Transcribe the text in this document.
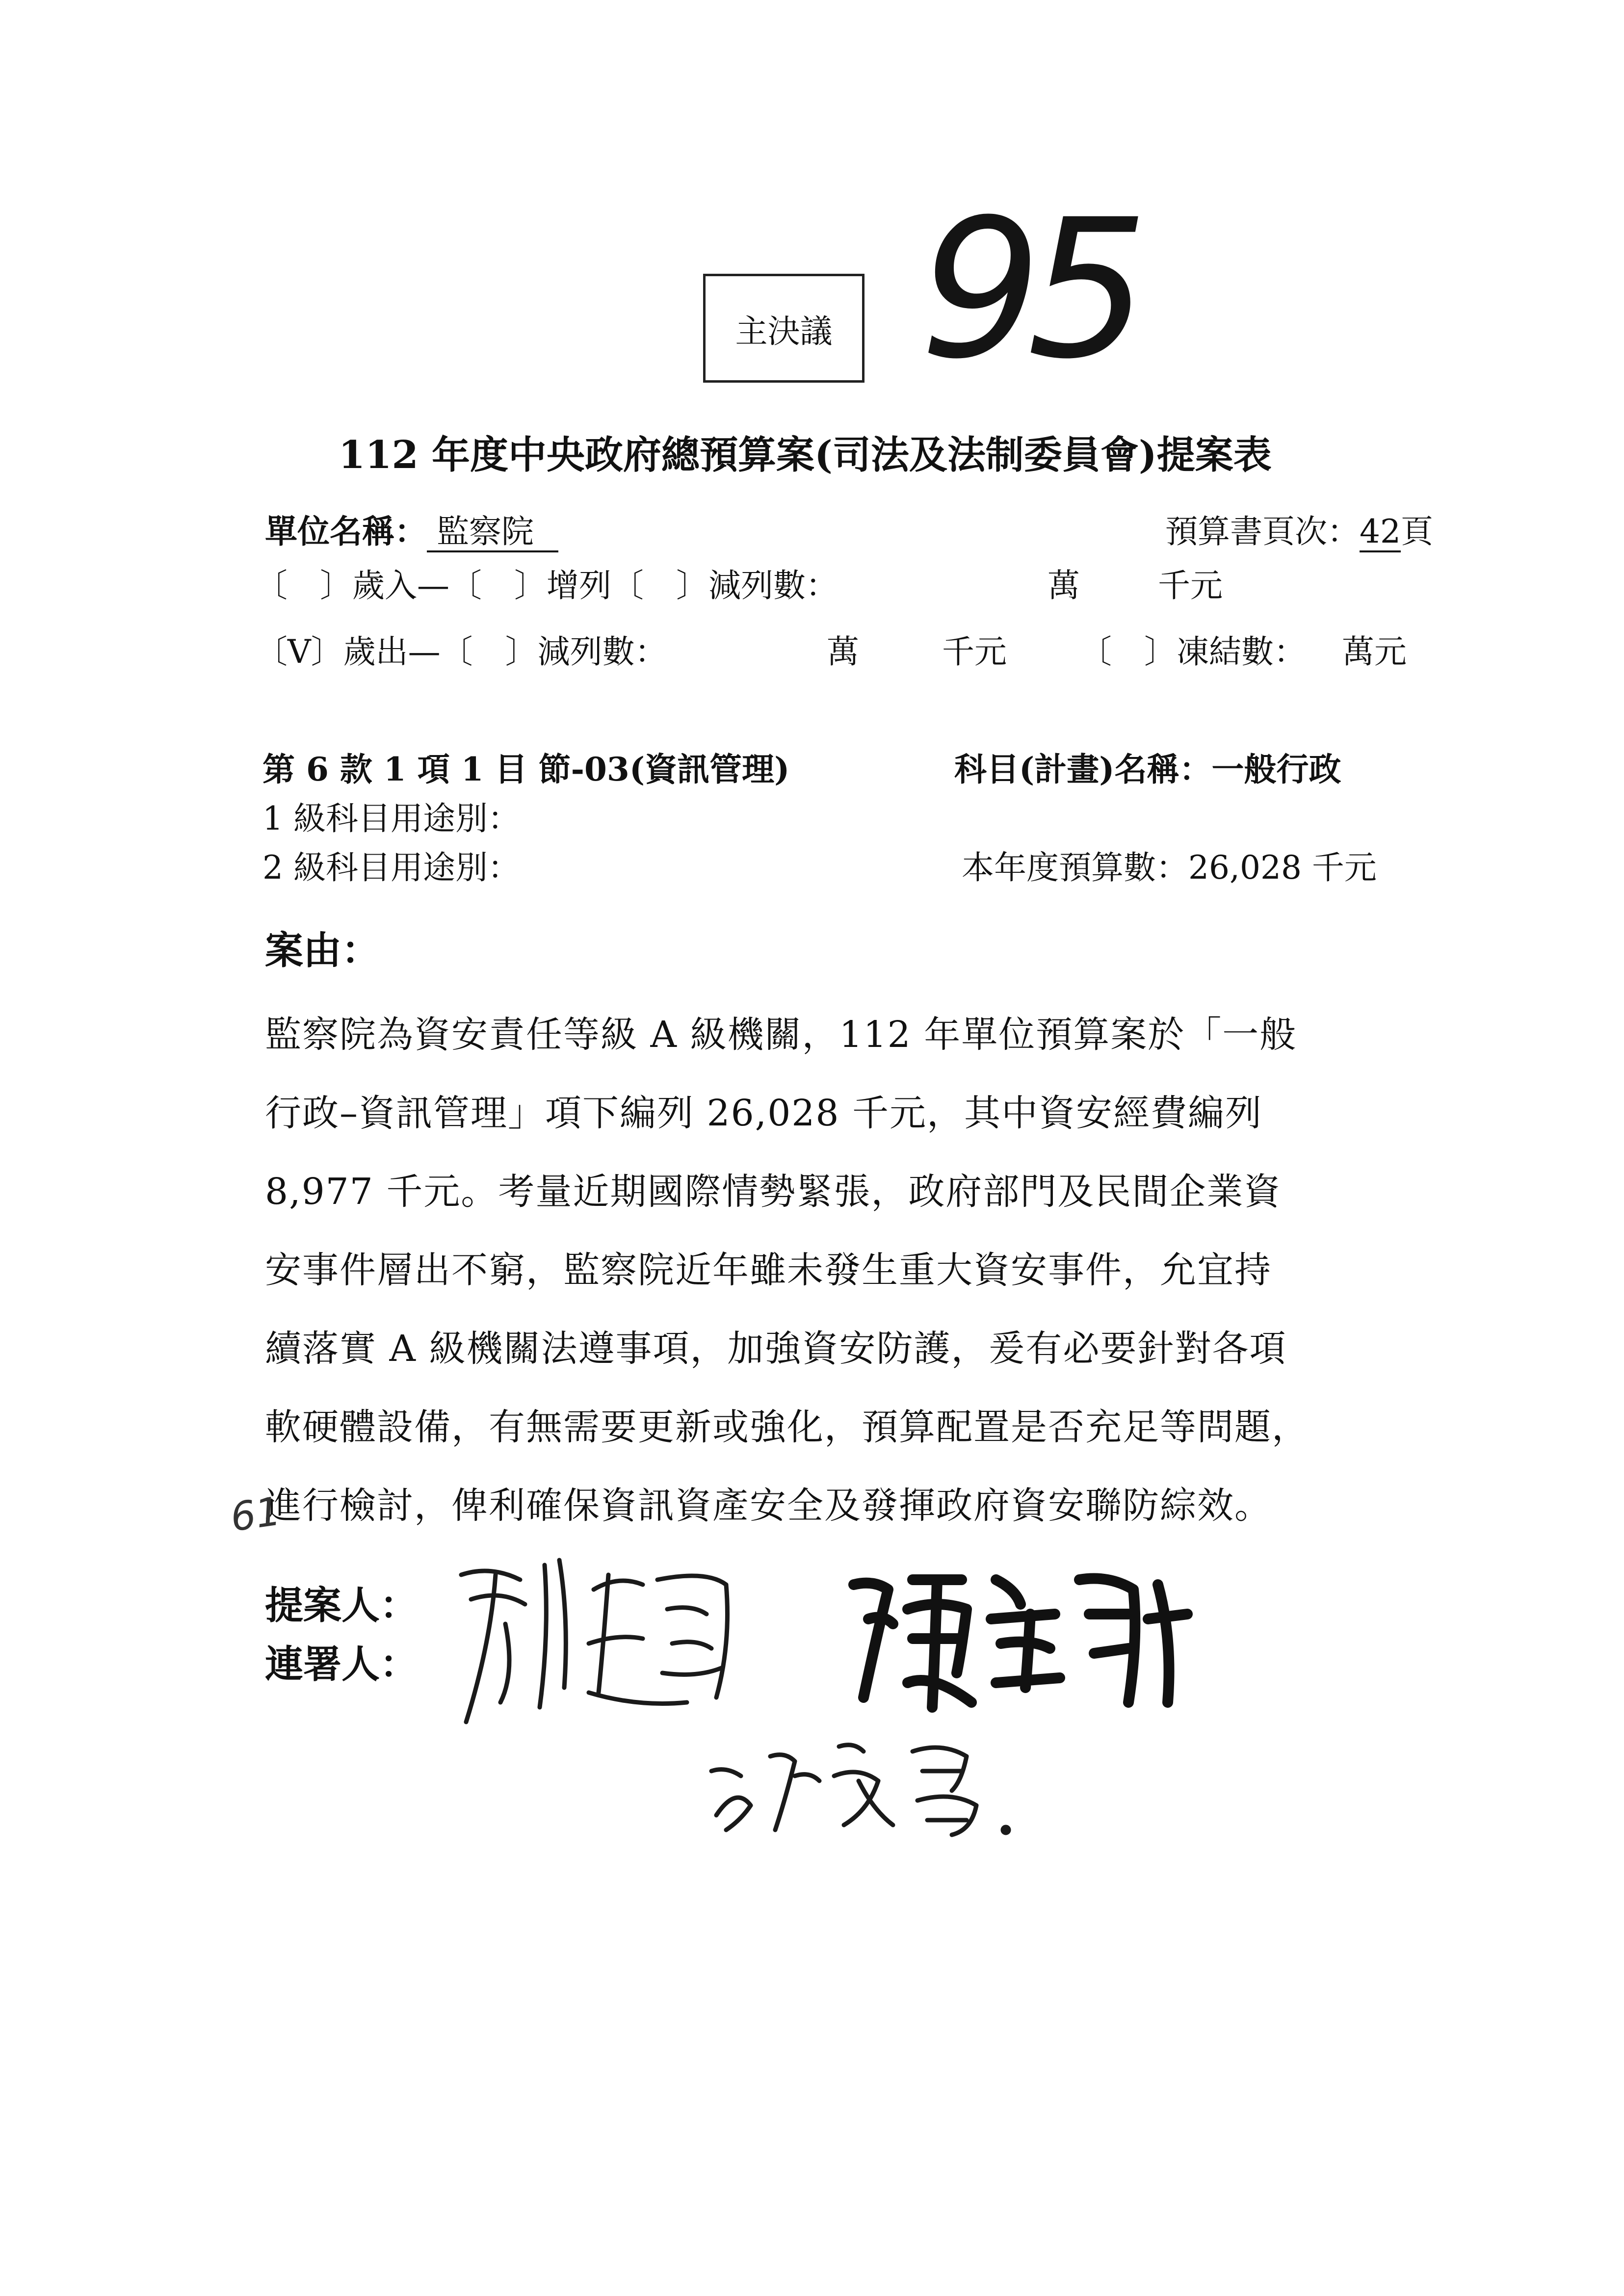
主決議 95
112 年度中央政府總預算案(司法及法制委員會)提案表
單位名稱： 監察院	預算書頁次：42頁
〔　〕歲入—〔　〕增列〔　〕減列數：	萬 千元
〔V〕歲出—〔　〕減列數：	萬	千元 〔　〕凍結數： 萬元
第 6 款 1 項 1 目 節-03(資訊管理)	科目(計畫)名稱：一般行政
1 級科目用途別：
2 級科目用途別：	本年度預算數：26,028 千元
案由：
監察院為資安責任等級 A 級機關，112 年單位預算案於「一般
行政–資訊管理」項下編列 26,028 千元，其中資安經費編列
8,977 千元。考量近期國際情勢緊張，政府部門及民間企業資
安事件層出不窮，監察院近年雖未發生重大資安事件，允宜持
續落實 A 級機關法遵事項，加強資安防護，爰有必要針對各項
軟硬體設備，有無需要更新或強化，預算配置是否充足等問題，
進行檢討，俾利確保資訊資產安全及發揮政府資安聯防綜效。
61
提案人：
連署人：
